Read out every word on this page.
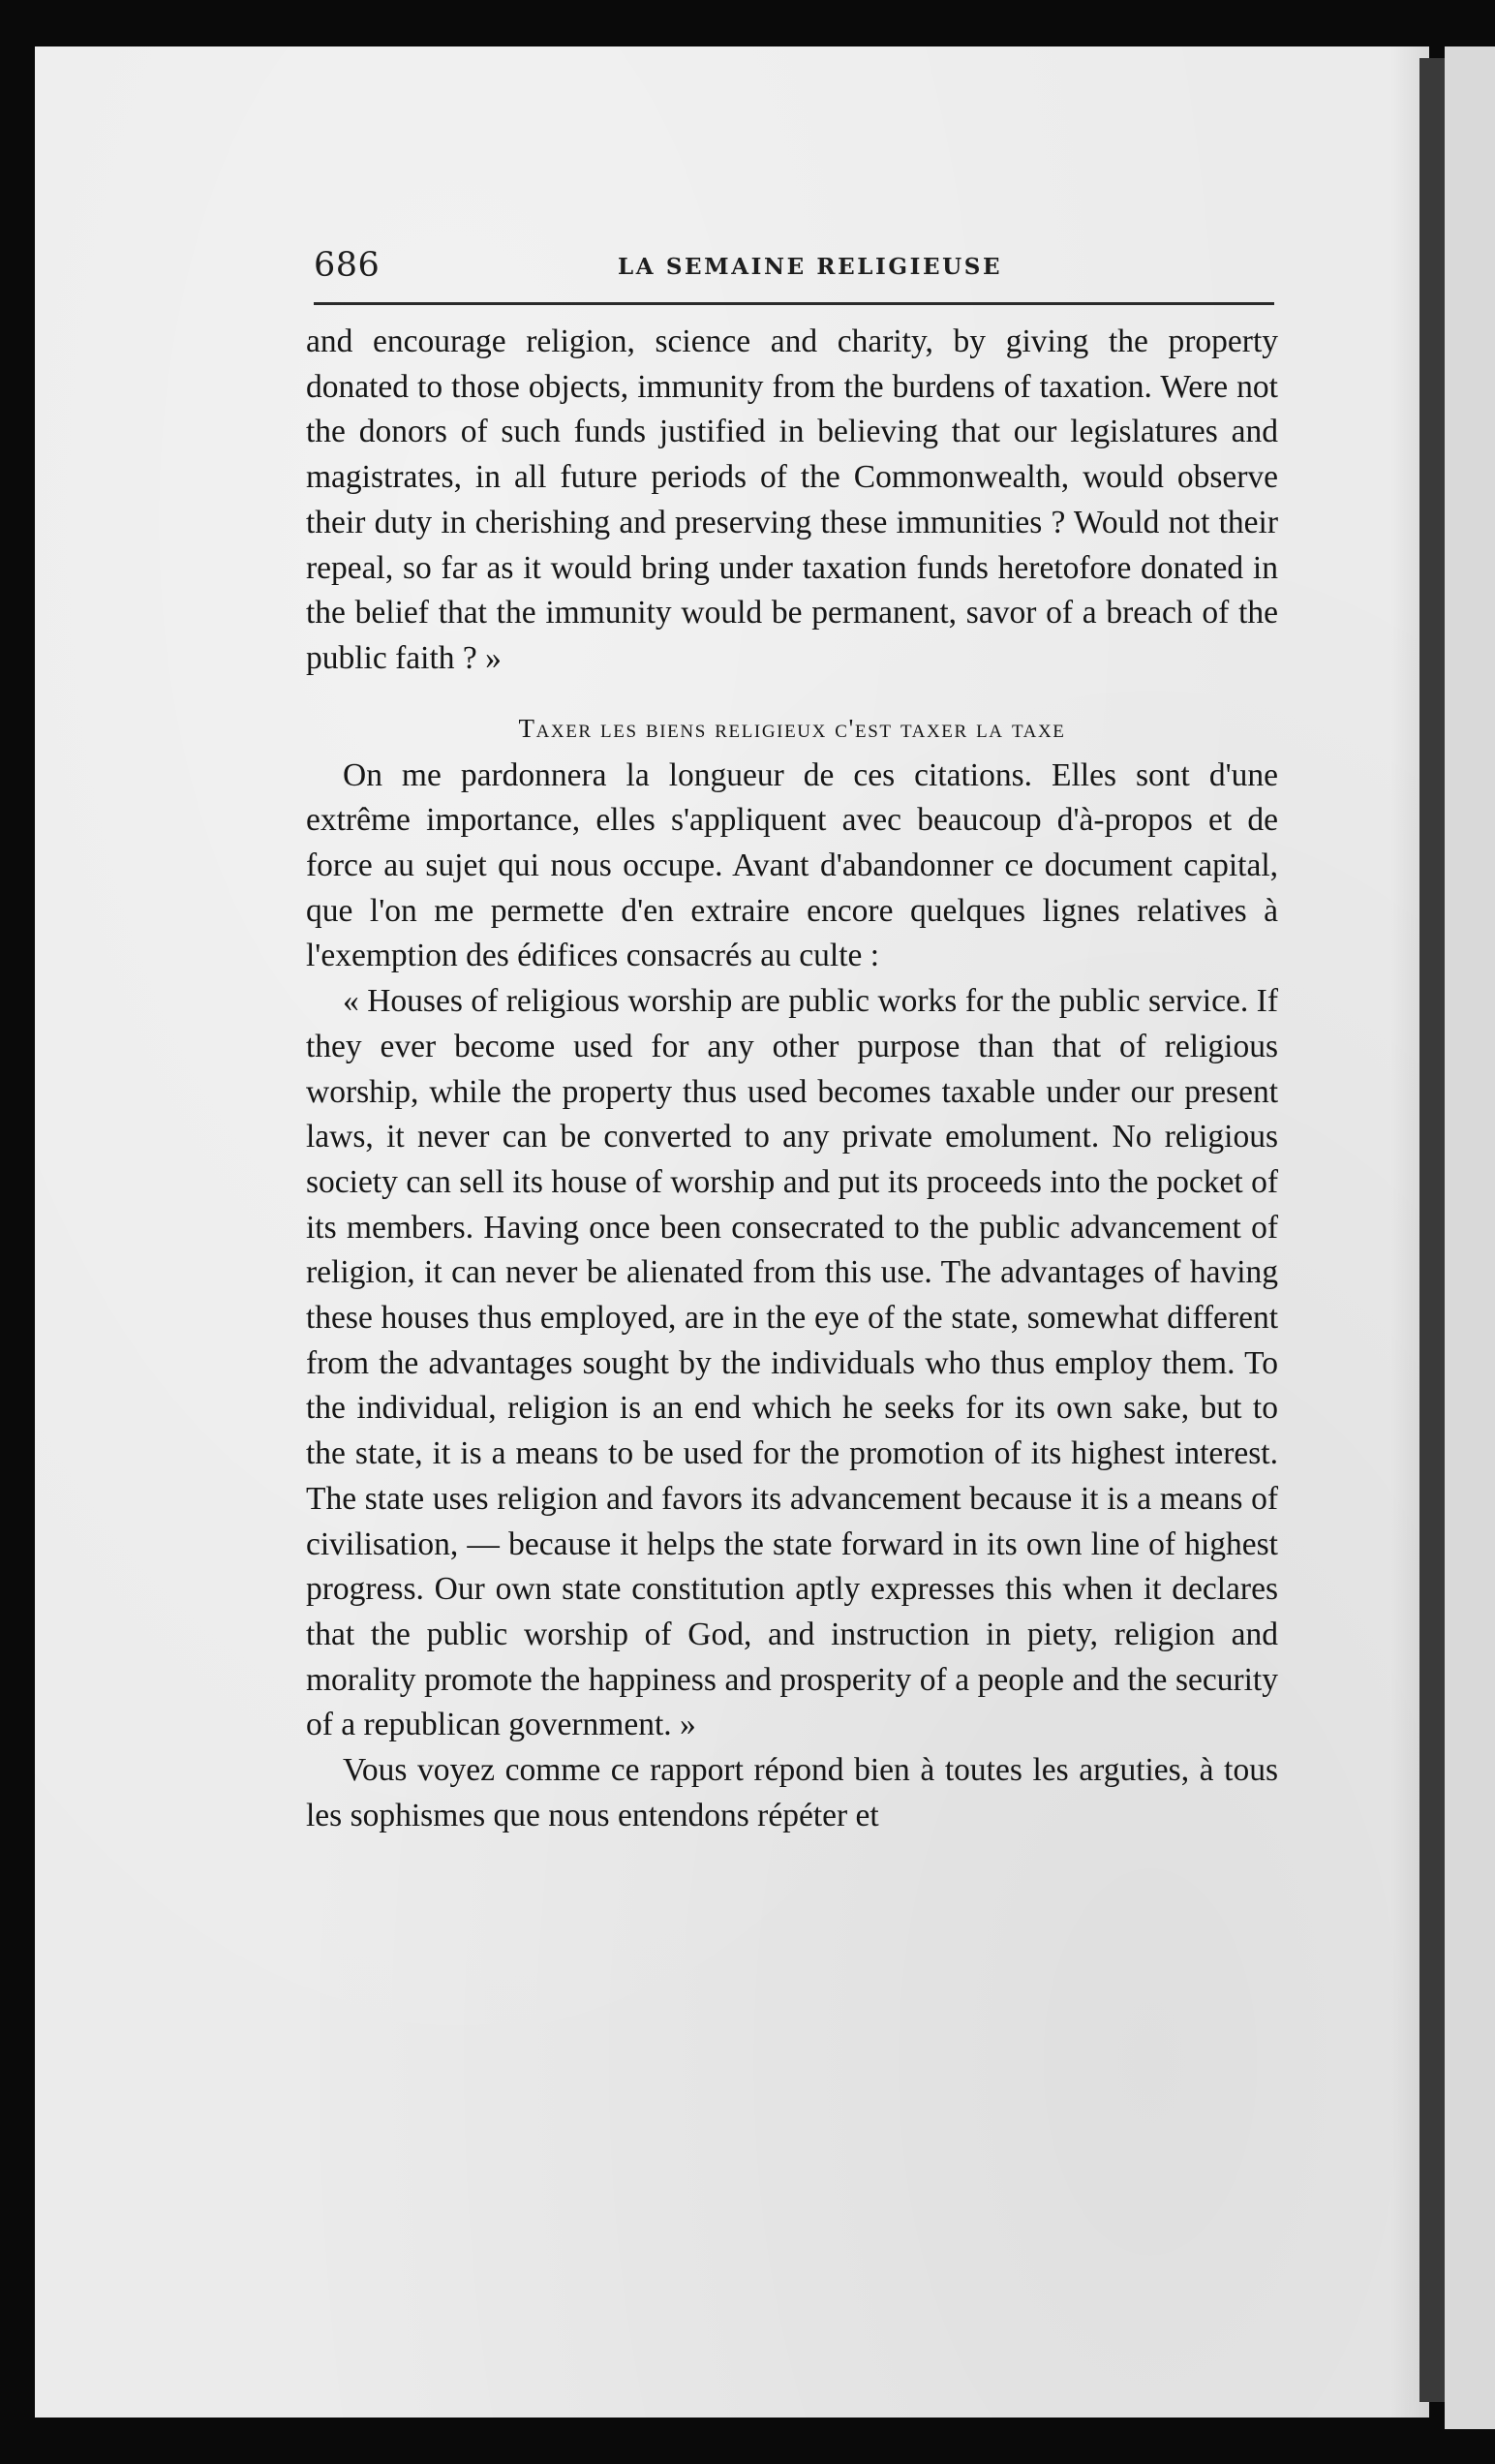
686	LA SEMAINE RELIGIEUSE

and encourage religion, science and charity, by giving the property donated to those objects, immunity from the burdens of taxation. Were not the donors of such funds justified in believing that our legislatures and magistrates, in all future periods of the Commonwealth, would observe their duty in cherishing and preserving these immunities ? Would not their repeal, so far as it would bring under taxation funds heretofore donated in the belief that the immunity would be permanent, savor of a breach of the public faith ? »

Taxer les biens religieux c'est taxer la taxe

On me pardonnera la longueur de ces citations. Elles sont d'une extrême importance, elles s'appliquent avec beaucoup d'à-propos et de force au sujet qui nous occupe. Avant d'abandonner ce document capital, que l'on me permette d'en extraire encore quelques lignes relatives à l'exemption des édifices consacrés au culte :

« Houses of religious worship are public works for the public service. If they ever become used for any other purpose than that of religious worship, while the property thus used becomes taxable under our present laws, it never can be converted to any private emolument. No religious society can sell its house of worship and put its proceeds into the pocket of its members. Having once been consecrated to the public advancement of religion, it can never be alienated from this use. The advantages of having these houses thus employed, are in the eye of the state, somewhat different from the advantages sought by the individuals who thus employ them. To the individual, religion is an end which he seeks for its own sake, but to the state, it is a means to be used for the promotion of its highest interest. The state uses religion and favors its advancement because it is a means of civilisation, — because it helps the state forward in its own line of highest progress. Our own state constitution aptly expresses this when it declares that the public worship of God, and instruction in piety, religion and morality promote the happiness and prosperity of a people and the security of a republican government. »

Vous voyez comme ce rapport répond bien à toutes les arguties, à tous les sophismes que nous entendons répéter et
